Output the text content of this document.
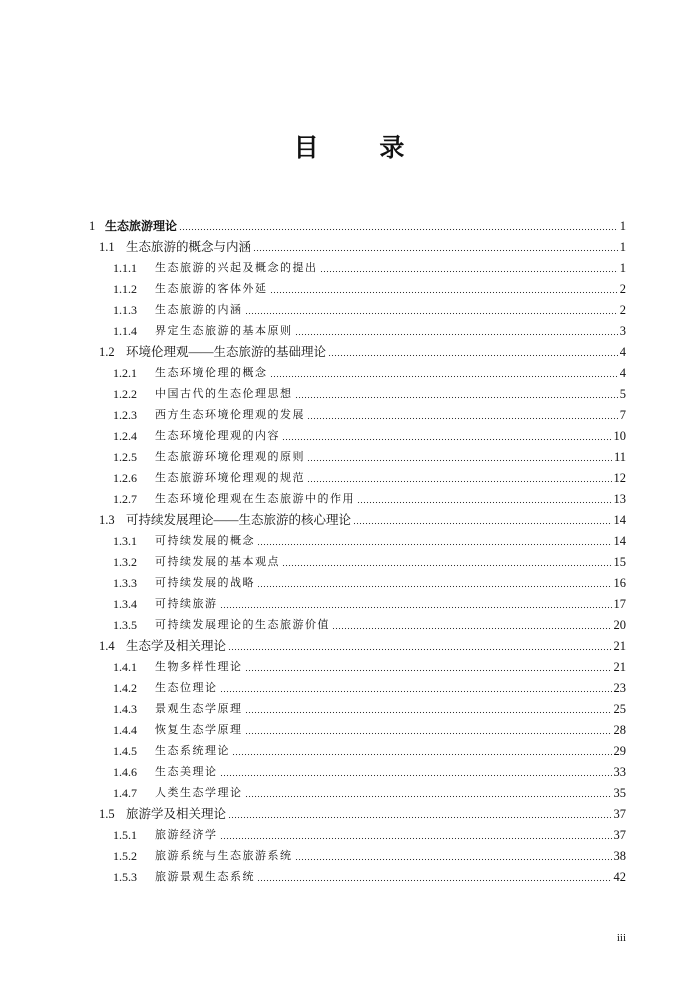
目 录
1 生态旅游理论	1
1.1 生态旅游的概念与内涵	1
1.1.1	生态旅游的兴起及概念的提出	1
1.1.2	生态旅游的客体外延	2
1.1.3	生态旅游的内涵	2
1.1.4	界定生态旅游的基本原则	3
1.2 环境伦理观——生态旅游的基础理论	4
1.2.1	生态环境伦理的概念	4
1.2.2	中国古代的生态伦理思想	5
1.2.3	西方生态环境伦理观的发展	7
1.2.4	生态环境伦理观的内容	10
1.2.5	生态旅游环境伦理观的原则	11
1.2.6	生态旅游环境伦理观的规范	12
1.2.7	生态环境伦理观在生态旅游中的作用	13
1.3 可持续发展理论——生态旅游的核心理论	14
1.3.1	可持续发展的概念	14
1.3.2	可持续发展的基本观点	15
1.3.3	可持续发展的战略	16
1.3.4	可持续旅游	17
1.3.5	可持续发展理论的生态旅游价值	20
1.4 生态学及相关理论	21
1.4.1	生物多样性理论	21
1.4.2	生态位理论	23
1.4.3	景观生态学原理	25
1.4.4	恢复生态学原理	28
1.4.5	生态系统理论	29
1.4.6	生态美理论	33
1.4.7	人类生态学理论	35
1.5 旅游学及相关理论	37
1.5.1	旅游经济学	37
1.5.2	旅游系统与生态旅游系统	38
1.5.3	旅游景观生态系统	42
iii
